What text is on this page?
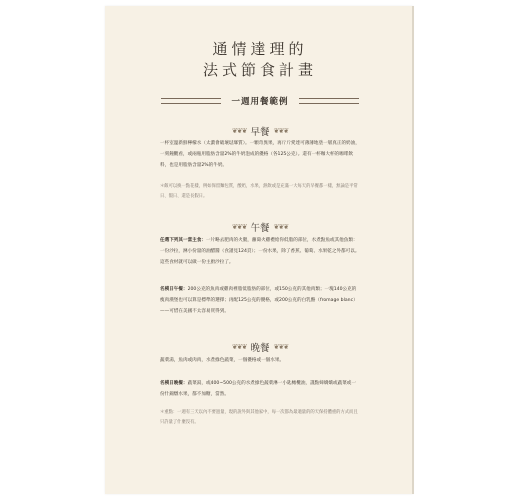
通情達理的
法式節食計畫
一週用餐範例
❦❦❦ 早餐 ❦❦❦
一杯室溫新鮮檸檬水（太濃會破壞琺瑯質）。一顆奇異果，再斤斤愛達可薄薄地塗一層真正的奶油，一刻鐘觀看，或兩瓶用脂肪含量2%的牛奶泡成的優格（各125公克）。還有一杯咖大杯的咖啡飲料，也是用脂肪含量2%的牛奶。
＊飯可以換一點花樣，例如保留麵包質，酸奶，水果，熱飲或是充滿一大每天的早餐都一樣，無論是平常日、假日、還是長假日。
❦❦❦ 午餐 ❦❦❦
任選下列其一當主食：一片略去肥肉的火腿，蘿蔔火雞禮給你低脂的部位，水煮點魚或其他魚類：一份沙拉，淋小份量的油醋醬（食譜見124頁）；一份水果，除了香蕉、葡萄、水果乾之外都可以。
這些食材就可以做一份主廚沙拉了。
名模日午餐：200公克的魚肉或雞肉裡脂低脂肪的部位，或150公克的其他肉類；一塊140公克的瘦肉漢堡也可以算是標準的選擇；再配125公克的優格，或200公克的白乳酪（fromage blanc）——可惜在美國不太容易買得到。
❦❦❦ 晚餐 ❦❦❦
蔬菜湯，魚肉或肉肉，水煮綠色蔬菜，一個優格或一個水果。
名模日晚餐：蔬菜湯，或400~500公克的水煮綠色蔬菜淋一小匙橄欖油，謹點婦嬌嬌或蔬菜或一份什錦燉水果，都不加糖，當然。
＊重點：一週有三天以內不要過量，現的說外與其他家中，每一次都為最適量的的天保持體重的方式而且只許量了什麼沒有。
